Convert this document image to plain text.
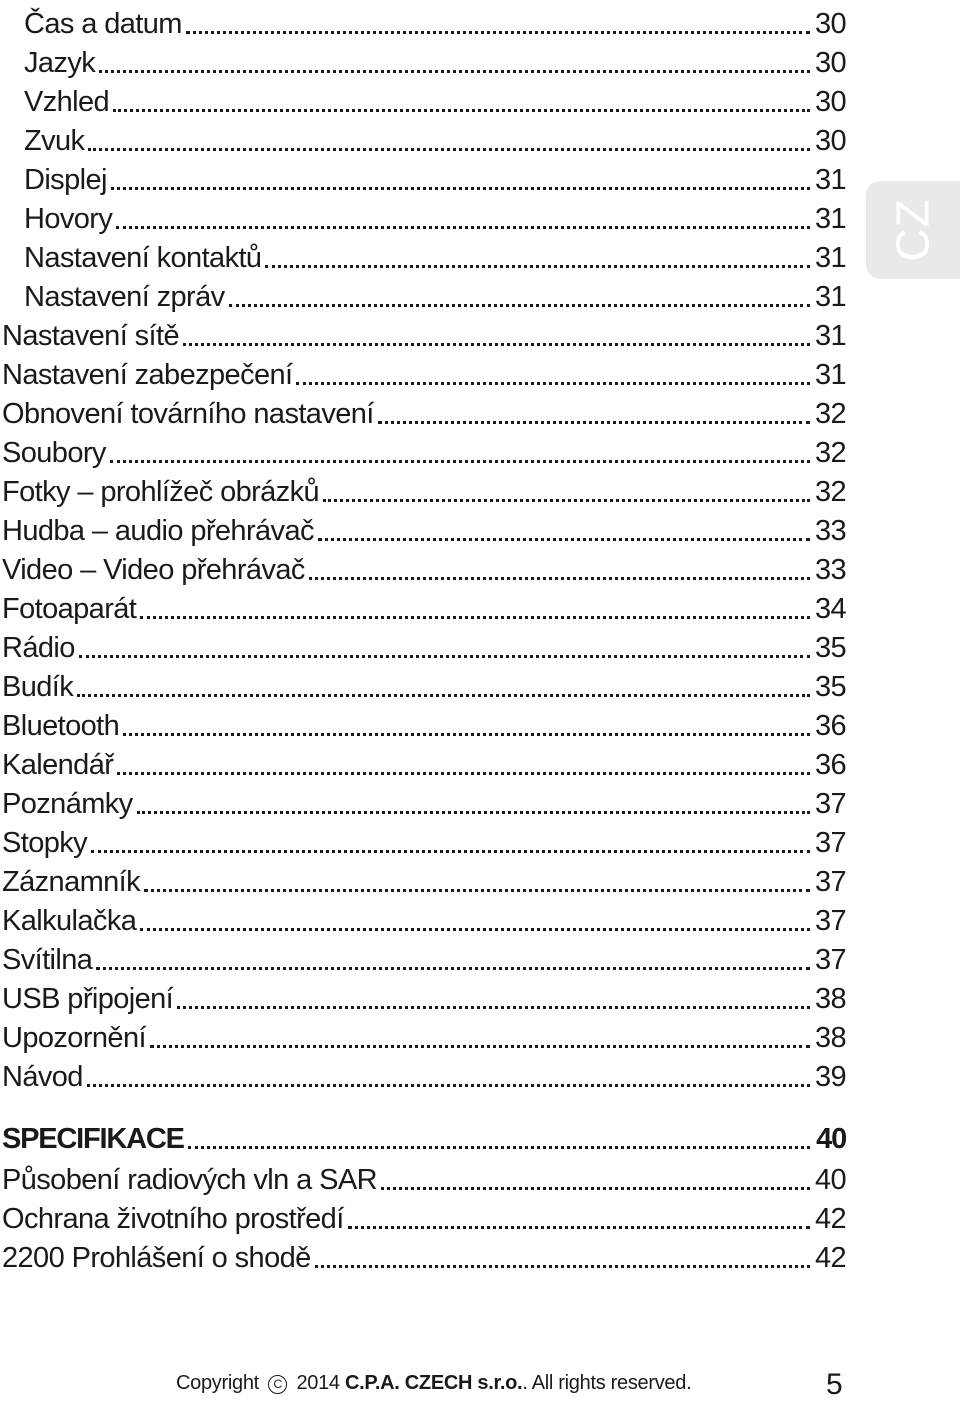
Čas a datum	30
Jazyk	30
Vzhled	30
Zvuk	30
Displej	31
Hovory	31
Nastavení kontaktů	31
Nastavení zpráv	31
Nastavení sítě	31
Nastavení zabezpečení	31
Obnovení továrního nastavení	32
Soubory	32
Fotky – prohlížeč obrázků	32
Hudba – audio přehrávač	33
Video – Video přehrávač	33
Fotoaparát	34
Rádio	35
Budík	35
Bluetooth	36
Kalendář	36
Poznámky	37
Stopky	37
Záznamník	37
Kalkulačka	37
Svítilna	37
USB připojení	38
Upozornění	38
Návod	39
SPECIFIKACE	40
Působení radiových vln a SAR	40
Ochrana životního prostředí	42
2200 Prohlášení o shodě	42
CZ
Copyright C 2014 C.P.A. CZECH s.r.o.. All rights reserved.	5
